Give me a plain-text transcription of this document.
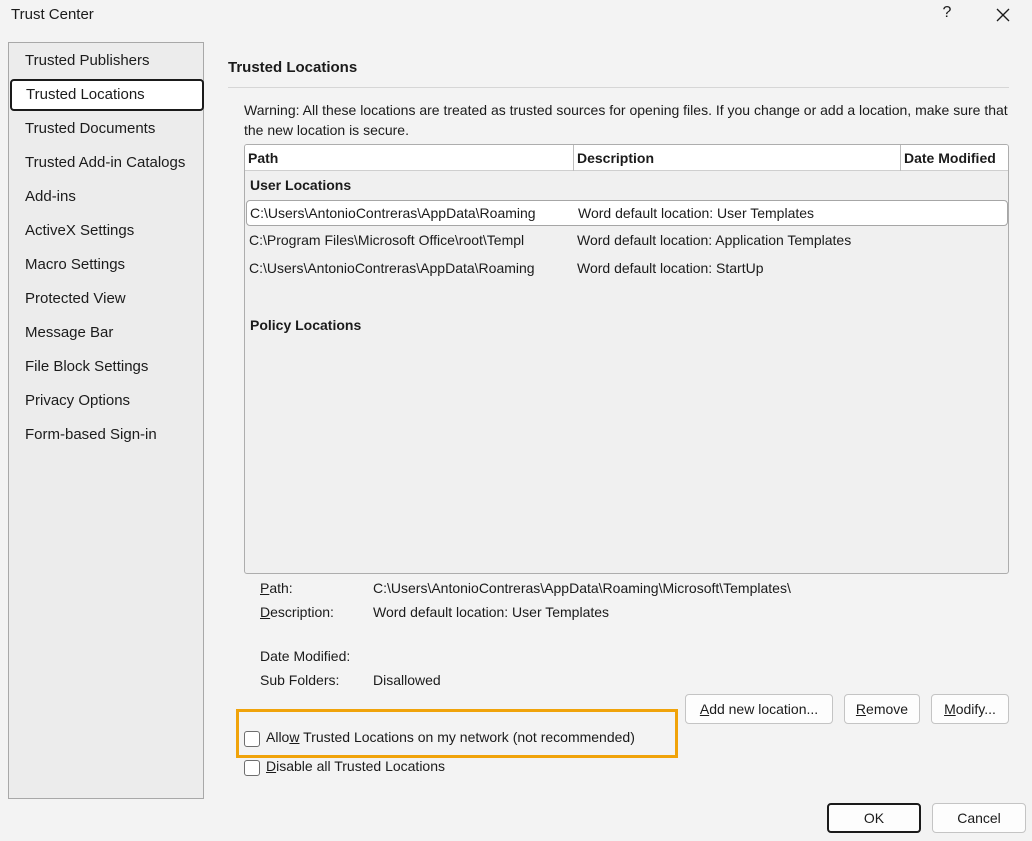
Trust Center	?
Trusted Publishers
Trusted Locations
Trusted Documents
Trusted Add-in Catalogs
Add-ins
ActiveX Settings
Macro Settings
Protected View
Message Bar
File Block Settings
Privacy Options
Form-based Sign-in
Trusted Locations
Warning: All these locations are treated as trusted sources for opening files. If you change or add a location, make sure that the new location is secure.
Path	Description	Date Modified
User Locations
C:\Users\AntonioContreras\AppData\Roaming	Word default location: User Templates
C:\Program Files\Microsoft Office\root\Templ	Word default location: Application Templates
C:\Users\AntonioContreras\AppData\Roaming	Word default location: StartUp
Policy Locations
Path:	C:\Users\AntonioContreras\AppData\Roaming\Microsoft\Templates\
Description:	Word default location: User Templates
Date Modified:
Sub Folders: Disallowed
Add new location...	Remove	Modify...
Allow Trusted Locations on my network (not recommended)
Disable all Trusted Locations
OK	Cancel
